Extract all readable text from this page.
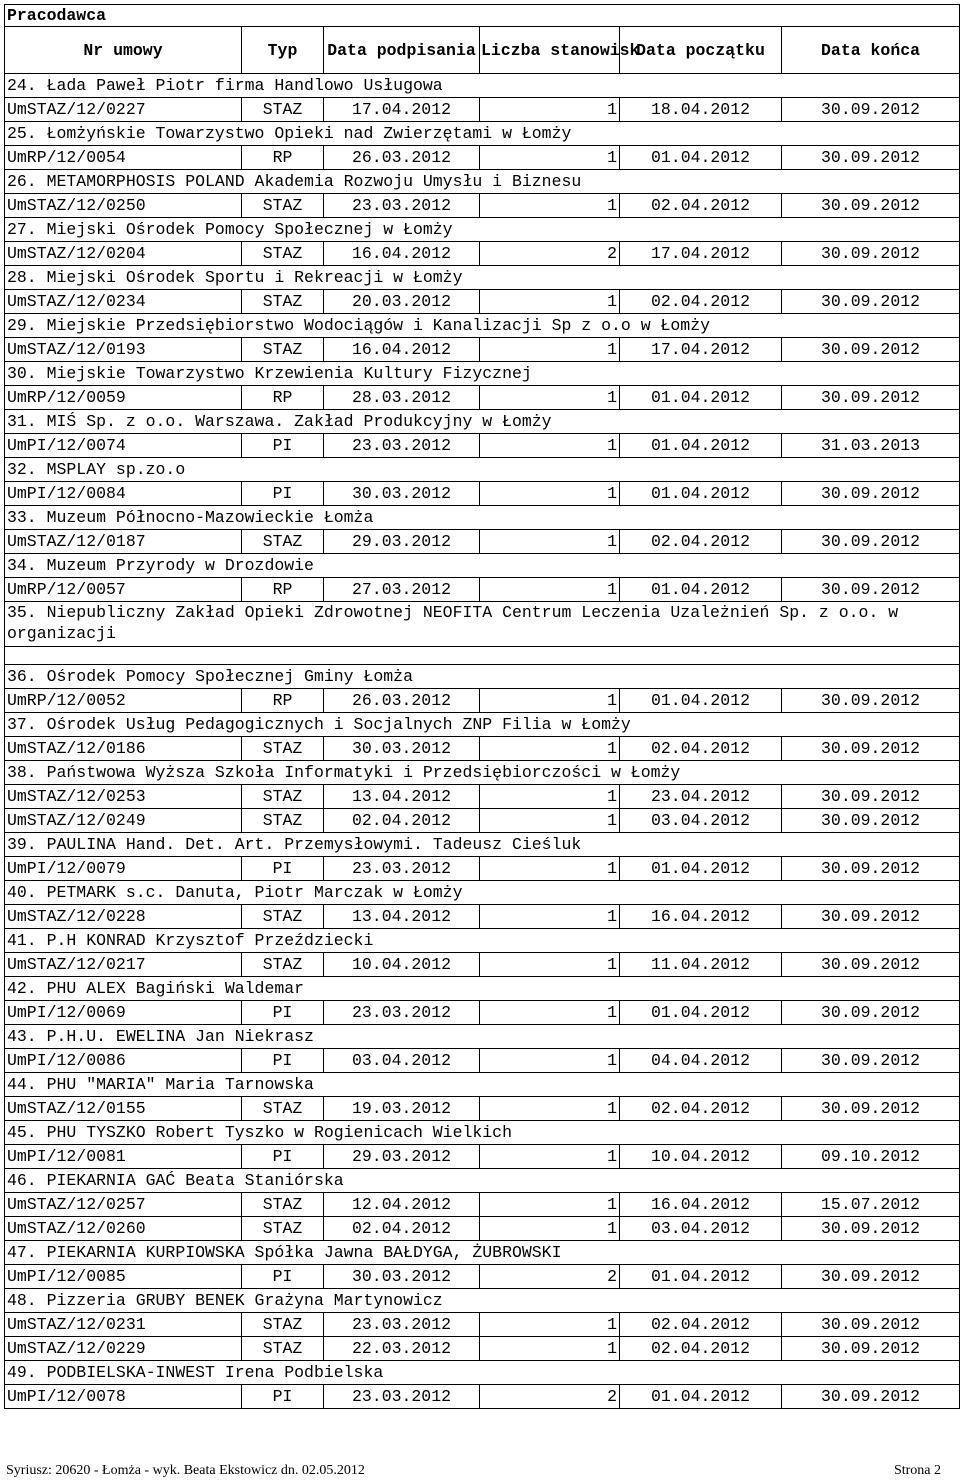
Pracodawca					
Nr umowy	Typ	Data podpisania	Liczba stanowisk	Data początku	Data końca
24. Łada Paweł Piotr firma Handlowo Usługowa					
UmSTAZ/12/0227	STAZ	17.04.2012	1	18.04.2012	30.09.2012
25. Łomżyńskie Towarzystwo Opieki nad Zwierzętami w Łomży					
UmRP/12/0054	RP	26.03.2012	1	01.04.2012	30.09.2012
26. METAMORPHOSIS POLAND Akademia Rozwoju Umysłu i Biznesu					
UmSTAZ/12/0250	STAZ	23.03.2012	1	02.04.2012	30.09.2012
27. Miejski Ośrodek Pomocy Społecznej w Łomży					
UmSTAZ/12/0204	STAZ	16.04.2012	2	17.04.2012	30.09.2012
28. Miejski Ośrodek Sportu i Rekreacji w Łomży					
UmSTAZ/12/0234	STAZ	20.03.2012	1	02.04.2012	30.09.2012
29. Miejskie Przedsiębiorstwo Wodociągów i Kanalizacji Sp z o.o w Łomży					
UmSTAZ/12/0193	STAZ	16.04.2012	1	17.04.2012	30.09.2012
30. Miejskie Towarzystwo Krzewienia Kultury Fizycznej					
UmRP/12/0059	RP	28.03.2012	1	01.04.2012	30.09.2012
31. MIŚ Sp. z o.o. Warszawa. Zakład Produkcyjny w Łomży					
UmPI/12/0074	PI	23.03.2012	1	01.04.2012	31.03.2013
32. MSPLAY sp.zo.o					
UmPI/12/0084	PI	30.03.2012	1	01.04.2012	30.09.2012
33. Muzeum Północno-Mazowieckie Łomża					
UmSTAZ/12/0187	STAZ	29.03.2012	1	02.04.2012	30.09.2012
34. Muzeum Przyrody w Drozdowie					
UmRP/12/0057	RP	27.03.2012	1	01.04.2012	30.09.2012
35. Niepubliczny Zakład Opieki Zdrowotnej NEOFITA Centrum Leczenia Uzależnień Sp. z o.o. w organizacji					

36. Ośrodek Pomocy Społecznej Gminy Łomża					
UmRP/12/0052	RP	26.03.2012	1	01.04.2012	30.09.2012
37. Ośrodek Usług Pedagogicznych i Socjalnych ZNP Filia w Łomży					
UmSTAZ/12/0186	STAZ	30.03.2012	1	02.04.2012	30.09.2012
38. Państwowa Wyższa Szkoła Informatyki i Przedsiębiorczości w Łomży					
UmSTAZ/12/0253	STAZ	13.04.2012	1	23.04.2012	30.09.2012
UmSTAZ/12/0249	STAZ	02.04.2012	1	03.04.2012	30.09.2012
39. PAULINA Hand. Det. Art. Przemysłowymi. Tadeusz Cieśluk					
UmPI/12/0079	PI	23.03.2012	1	01.04.2012	30.09.2012
40. PETMARK s.c. Danuta, Piotr Marczak w Łomży					
UmSTAZ/12/0228	STAZ	13.04.2012	1	16.04.2012	30.09.2012
41. P.H KONRAD Krzysztof Przeździecki					
UmSTAZ/12/0217	STAZ	10.04.2012	1	11.04.2012	30.09.2012
42. PHU ALEX Bagiński Waldemar					
UmPI/12/0069	PI	23.03.2012	1	01.04.2012	30.09.2012
43. P.H.U. EWELINA Jan Niekrasz					
UmPI/12/0086	PI	03.04.2012	1	04.04.2012	30.09.2012
44. PHU "MARIA" Maria Tarnowska					
UmSTAZ/12/0155	STAZ	19.03.2012	1	02.04.2012	30.09.2012
45. PHU TYSZKO Robert Tyszko w Rogienicach Wielkich					
UmPI/12/0081	PI	29.03.2012	1	10.04.2012	09.10.2012
46. PIEKARNIA GAĆ Beata Staniórska					
UmSTAZ/12/0257	STAZ	12.04.2012	1	16.04.2012	15.07.2012
UmSTAZ/12/0260	STAZ	02.04.2012	1	03.04.2012	30.09.2012
47. PIEKARNIA KURPIOWSKA Spółka Jawna BAŁDYGA, ŻUBROWSKI					
UmPI/12/0085	PI	30.03.2012	2	01.04.2012	30.09.2012
48. Pizzeria GRUBY BENEK Grażyna Martynowicz					
UmSTAZ/12/0231	STAZ	23.03.2012	1	02.04.2012	30.09.2012
UmSTAZ/12/0229	STAZ	22.03.2012	1	02.04.2012	30.09.2012
49. PODBIELSKA-INWEST Irena Podbielska					
UmPI/12/0078	PI	23.03.2012	2	01.04.2012	30.09.2012
Syriusz: 20620 - Łomża - wyk. Beata Ekstowicz dn. 02.05.2012	Strona 2
